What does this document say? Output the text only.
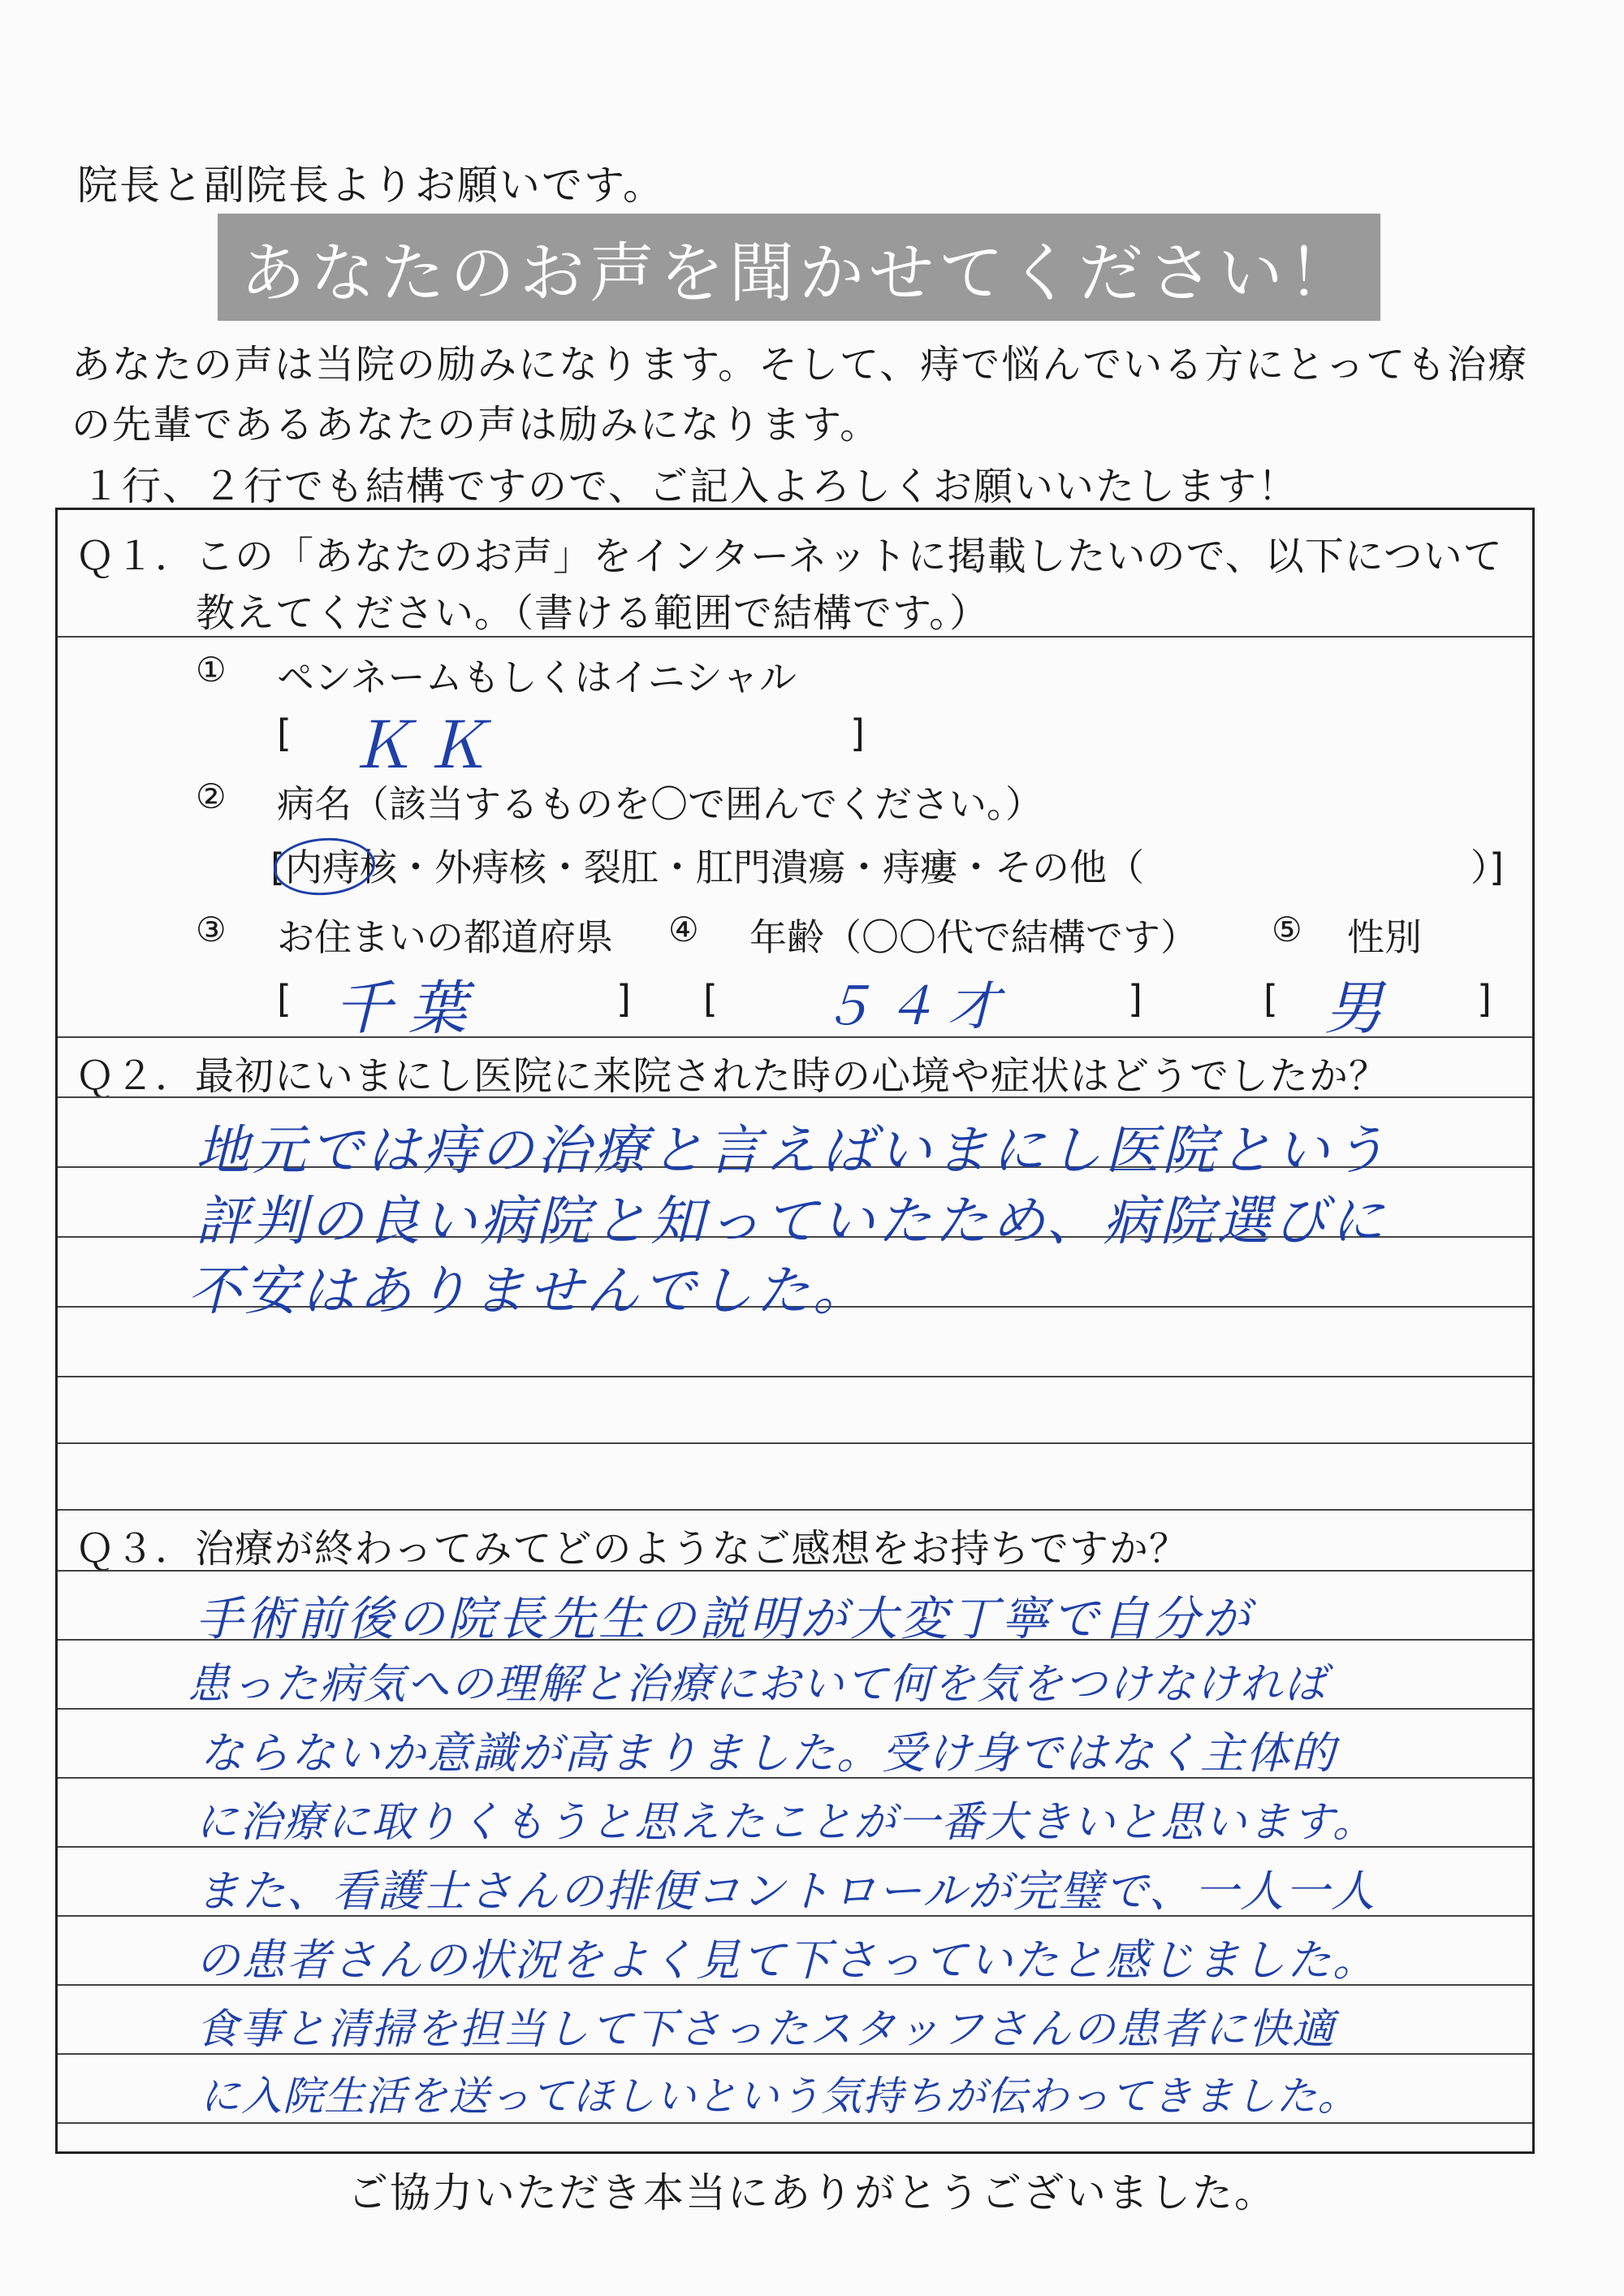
院長と副院長よりお願いです。
あなたのお声を聞かせてください！
あなたの声は当院の励みになります。そして、痔で悩んでいる方にとっても治療
の先輩であるあなたの声は励みになります。
１行、２行でも結構ですので、ご記入よろしくお願いいたします！
Ｑ１．この「あなたのお声」をインターネットに掲載したいので、以下について
教えてください。（書ける範囲で結構です。）
① ペンネームもしくはイニシャル
[ ＫＫ	]
② 病名（該当するものを〇で囲んでください。）
[内痔核・外痔核・裂肛・肛門潰瘍・痔瘻・その他（	）]
③ お住まいの都道府県 ④ 年齢（〇〇代で結構です） ⑤ 性別
[ 千葉	] [ ５４才	]	[ 男	]
Ｑ２．最初にいまにし医院に来院された時の心境や症状はどうでしたか？
地元では痔の治療と言えばいまにし医院という
評判の良い病院と知っていたため、病院選びに
不安はありませんでした。
Ｑ３．治療が終わってみてどのようなご感想をお持ちですか？
手術前後の院長先生の説明が大変丁寧で自分が
患った病気への理解と治療において何を気をつけなければ
ならないか意識が高まりました。受け身ではなく主体的
に治療に取りくもうと思えたことが一番大きいと思います。
また、看護士さんの排便コントロールが完璧で、一人一人
の患者さんの状況をよく見て下さっていたと感じました。
食事と清掃を担当して下さったスタッフさんの患者に快適
に入院生活を送ってほしいという気持ちが伝わってきました。
ご協力いただき本当にありがとうございました。
